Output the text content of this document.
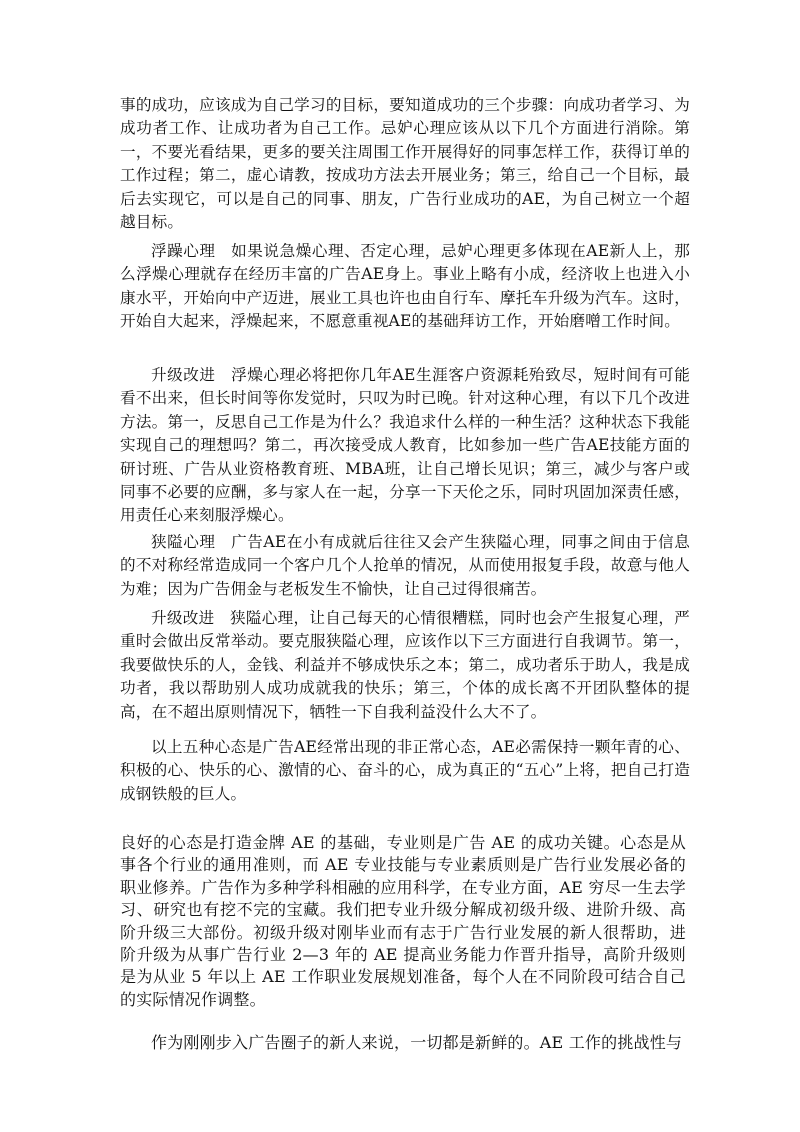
事的成功，应该成为自己学习的目标，要知道成功的三个步骤：向成功者学习、为成功者工作、让成功者为自己工作。忌妒心理应该从以下几个方面进行消除。第一，不要光看结果，更多的要关注周围工作开展得好的同事怎样工作，获得订单的工作过程；第二，虚心请教，按成功方法去开展业务；第三，给自己一个目标，最后去实现它，可以是自己的同事、朋友，广告行业成功的AE，为自己树立一个超越目标。

浮躁心理 如果说急燥心理、否定心理，忌妒心理更多体现在AE新人上，那么浮燥心理就存在经历丰富的广告AE身上。事业上略有小成，经济收上也进入小康水平，开始向中产迈进，展业工具也许也由自行车、摩托车升级为汽车。这时，开始自大起来，浮燥起来，不愿意重视AE的基础拜访工作，开始磨噌工作时间。

升级改进 浮燥心理必将把你几年AE生涯客户资源耗殆致尽，短时间有可能看不出来，但长时间等你发觉时，只叹为时已晚。针对这种心理，有以下几个改进方法。第一，反思自己工作是为什么？我追求什么样的一种生活？这种状态下我能实现自己的理想吗？第二，再次接受成人教育，比如参加一些广告AE技能方面的研讨班、广告从业资格教育班、MBA班，让自己增长见识；第三，减少与客户或同事不必要的应酬，多与家人在一起，分享一下天伦之乐，同时巩固加深责任感，用责任心来刻服浮燥心。

狭隘心理 广告AE在小有成就后往往又会产生狭隘心理，同事之间由于信息的不对称经常造成同一个客户几个人抢单的情况，从而使用报复手段，故意与他人为难；因为广告佣金与老板发生不愉快，让自己过得很痛苦。

升级改进 狭隘心理，让自己每天的心情很糟糕，同时也会产生报复心理，严重时会做出反常举动。要克服狭隘心理，应该作以下三方面进行自我调节。第一，我要做快乐的人，金钱、利益并不够成快乐之本；第二，成功者乐于助人，我是成功者，我以帮助别人成功成就我的快乐；第三，个体的成长离不开团队整体的提高，在不超出原则情况下，牺牲一下自我利益没什么大不了。

以上五种心态是广告AE经常出现的非正常心态，AE必需保持一颗年青的心、积极的心、快乐的心、激情的心、奋斗的心，成为真正的“五心”上将，把自己打造成钢铁般的巨人。

良好的心态是打造金牌 AE 的基础，专业则是广告 AE 的成功关键。心态是从事各个行业的通用准则，而 AE 专业技能与专业素质则是广告行业发展必备的职业修养。广告作为多种学科相融的应用科学，在专业方面，AE 穷尽一生去学习、研究也有挖不完的宝藏。我们把专业升级分解成初级升级、进阶升级、高阶升级三大部份。初级升级对刚毕业而有志于广告行业发展的新人很帮助，进阶升级为从事广告行业 2—3 年的 AE 提高业务能力作晋升指导，高阶升级则是为从业 5 年以上 AE 工作职业发展规划准备，每个人在不同阶段可结合自己的实际情况作调整。

作为刚刚步入广告圈子的新人来说，一切都是新鲜的。AE 工作的挑战性与
